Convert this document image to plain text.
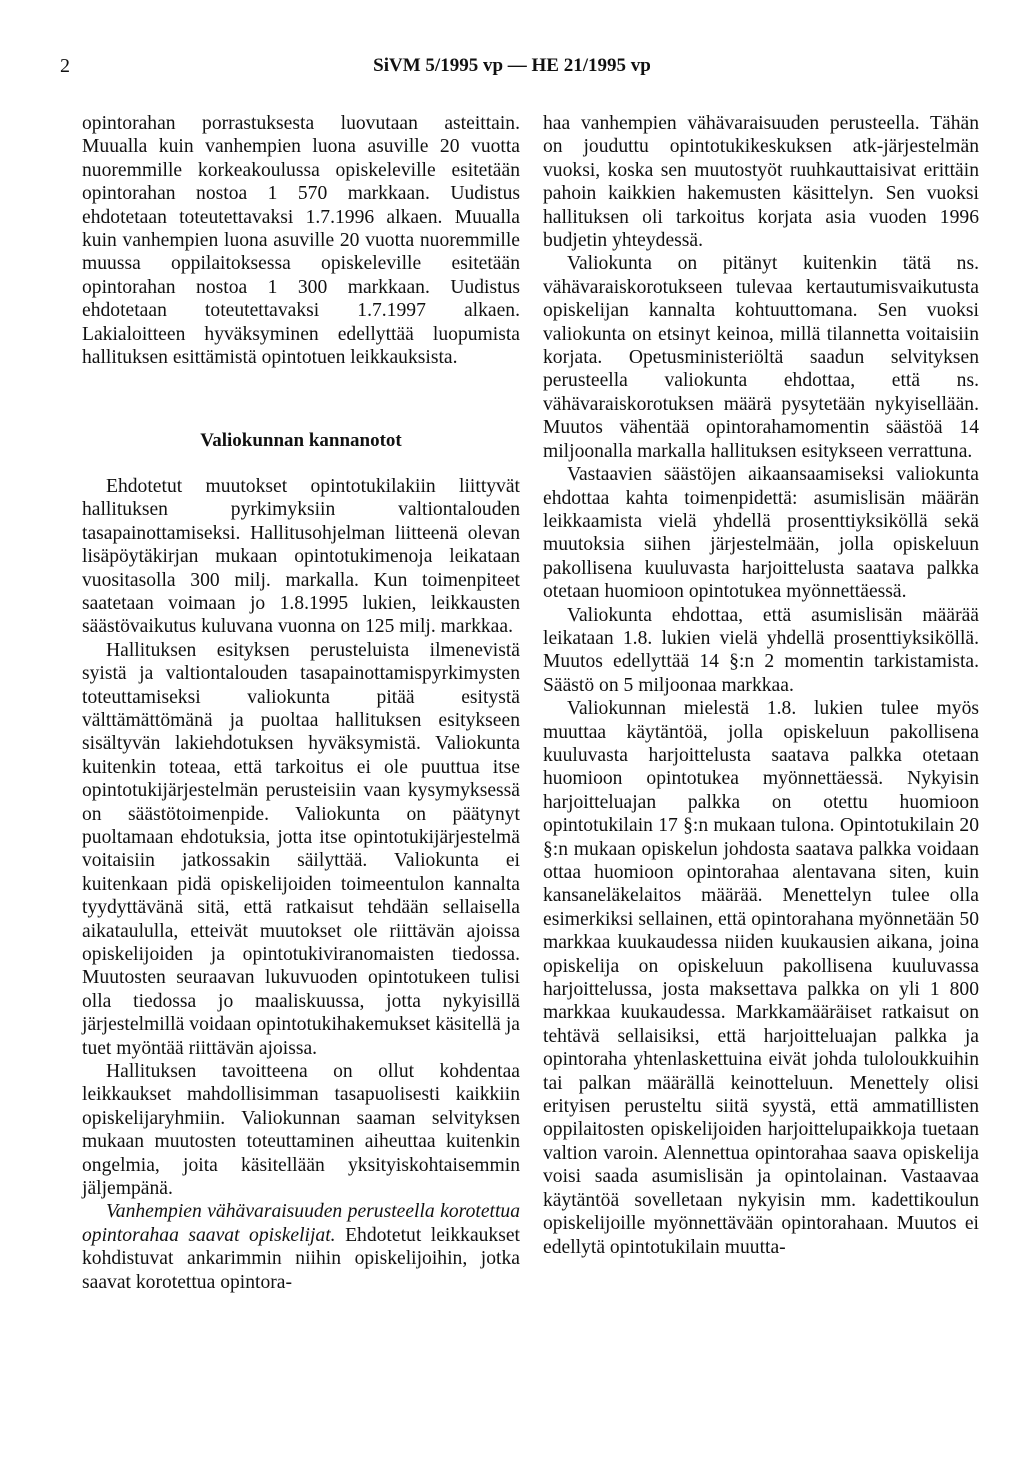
2	SiVM 5/1995 vp — HE 21/1995 vp

opintorahan porrastuksesta luovutaan asteittain. Muualla kuin vanhempien luona asuville 20 vuotta nuoremmille korkeakoulussa opiskeleville esitetään opintorahan nostoa 1 570 markkaan. Uudistus ehdotetaan toteutettavaksi 1.7.1996 alkaen. Muualla kuin vanhempien luona asuville 20 vuotta nuoremmille muussa oppilaitoksessa opiskeleville esitetään opintorahan nostoa 1 300 markkaan. Uudistus ehdotetaan toteutettavaksi 1.7.1997 alkaen. Lakialoitteen hyväksyminen edellyttää luopumista hallituksen esittämistä opintotuen leikkauksista.

Valiokunnan kannanotot

Ehdotetut muutokset opintotukilakiin liittyvät hallituksen pyrkimyksiin valtiontalouden tasapainottamiseksi. Hallitusohjelman liitteenä olevan lisäpöytäkirjan mukaan opintotukimenoja leikataan vuositasolla 300 milj. markalla. Kun toimenpiteet saatetaan voimaan jo 1.8.1995 lukien, leikkausten säästövaikutus kuluvana vuonna on 125 milj. markkaa.

Hallituksen esityksen perusteluista ilmenevistä syistä ja valtiontalouden tasapainottamispyrkimysten toteuttamiseksi valiokunta pitää esitystä välttämättömänä ja puoltaa hallituksen esitykseen sisältyvän lakiehdotuksen hyväksymistä. Valiokunta kuitenkin toteaa, että tarkoitus ei ole puuttua itse opintotukijärjestelmän perusteisiin vaan kysymyksessä on säästötoimenpide. Valiokunta on päätynyt puoltamaan ehdotuksia, jotta itse opintotukijärjestelmä voitaisiin jatkossakin säilyttää. Valiokunta ei kuitenkaan pidä opiskelijoiden toimeentulon kannalta tyydyttävänä sitä, että ratkaisut tehdään sellaisella aikataululla, etteivät muutokset ole riittävän ajoissa opiskelijoiden ja opintotukiviranomaisten tiedossa. Muutosten seuraavan lukuvuoden opintotukeen tulisi olla tiedossa jo maaliskuussa, jotta nykyisillä järjestelmillä voidaan opintotukihakemukset käsitellä ja tuet myöntää riittävän ajoissa.

Hallituksen tavoitteena on ollut kohdentaa leikkaukset mahdollisimman tasapuolisesti kaikkiin opiskelijaryhmiin. Valiokunnan saaman selvityksen mukaan muutosten toteuttaminen aiheuttaa kuitenkin ongelmia, joita käsitellään yksityiskohtaisemmin jäljempänä.

Vanhempien vähävaraisuuden perusteella korotettua opintorahaa saavat opiskelijat. Ehdotetut leikkaukset kohdistuvat ankarimmin niihin opiskelijoihin, jotka saavat korotettua opintora-

haa vanhempien vähävaraisuuden perusteella. Tähän on jouduttu opintotukikeskuksen atk-järjestelmän vuoksi, koska sen muutostyöt ruuhkauttaisivat erittäin pahoin kaikkien hakemusten käsittelyn. Sen vuoksi hallituksen oli tarkoitus korjata asia vuoden 1996 budjetin yhteydessä.

Valiokunta on pitänyt kuitenkin tätä ns. vähävaraiskorotukseen tulevaa kertautumisvaikutusta opiskelijan kannalta kohtuuttomana. Sen vuoksi valiokunta on etsinyt keinoa, millä tilannetta voitaisiin korjata. Opetusministeriöltä saadun selvityksen perusteella valiokunta ehdottaa, että ns. vähävaraiskorotuksen määrä pysytetään nykyisellään. Muutos vähentää opintorahamomentin säästöä 14 miljoonalla markalla hallituksen esitykseen verrattuna.

Vastaavien säästöjen aikaansaamiseksi valiokunta ehdottaa kahta toimenpidettä: asumislisän määrän leikkaamista vielä yhdellä prosenttiyksiköllä sekä muutoksia siihen järjestelmään, jolla opiskeluun pakollisena kuuluvasta harjoittelusta saatava palkka otetaan huomioon opintotukea myönnettäessä.

Valiokunta ehdottaa, että asumislisän määrää leikataan 1.8. lukien vielä yhdellä prosenttiyksiköllä. Muutos edellyttää 14 §:n 2 momentin tarkistamista. Säästö on 5 miljoonaa markkaa.

Valiokunnan mielestä 1.8. lukien tulee myös muuttaa käytäntöä, jolla opiskeluun pakollisena kuuluvasta harjoittelusta saatava palkka otetaan huomioon opintotukea myönnettäessä. Nykyisin harjoitteluajan palkka on otettu huomioon opintotukilain 17 §:n mukaan tulona. Opintotukilain 20 §:n mukaan opiskelun johdosta saatava palkka voidaan ottaa huomioon opintorahaa alentavana siten, kuin kansaneläkelaitos määrää. Menettelyn tulee olla esimerkiksi sellainen, että opintorahana myönnetään 50 markkaa kuukaudessa niiden kuukausien aikana, joina opiskelija on opiskeluun pakollisena kuuluvassa harjoittelussa, josta maksettava palkka on yli 1 800 markkaa kuukaudessa. Markkamääräiset ratkaisut on tehtävä sellaisiksi, että harjoitteluajan palkka ja opintoraha yhtenlaskettuina eivät johda tuloloukkuihin tai palkan määrällä keinotteluun. Menettely olisi erityisen perusteltu siitä syystä, että ammatillisten oppilaitosten opiskelijoiden harjoittelupaikkoja tuetaan valtion varoin. Alennettua opintorahaa saava opiskelija voisi saada asumislisän ja opintolainan. Vastaavaa käytäntöä sovelletaan nykyisin mm. kadettikoulun opiskelijoille myönnettävään opintorahaan. Muutos ei edellytä opintotukilain muutta-
